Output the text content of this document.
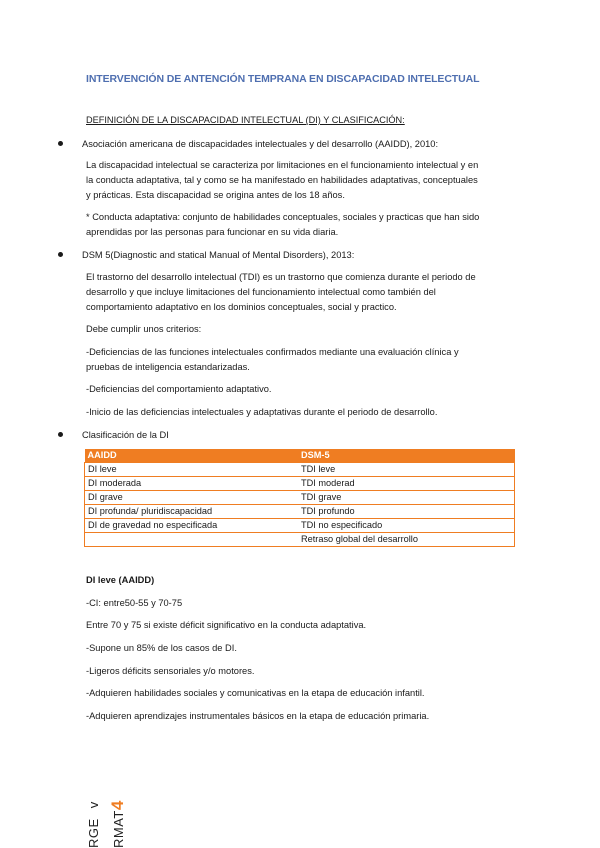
INTERVENCIÓN DE ANTENCIÓN TEMPRANA EN DISCAPACIDAD INTELECTUAL
DEFINICIÓN DE LA DISCAPACIDAD INTELECTUAL (DI) Y CLASIFICACIÓN:
Asociación americana de discapacidades intelectuales y del desarrollo (AAIDD), 2010:
La discapacidad intelectual se caracteriza por limitaciones en el funcionamiento intelectual y en
la conducta adaptativa, tal y como se ha manifestado en habilidades adaptativas, conceptuales
y prácticas. Esta discapacidad se origina antes de los 18 años.
* Conducta adaptativa: conjunto de habilidades conceptuales, sociales y practicas que han sido
aprendidas por las personas para funcionar en su vida diaria.
DSM 5(Diagnostic and statical Manual of Mental Disorders), 2013:
El trastorno del desarrollo intelectual (TDI) es un trastorno que comienza durante el periodo de
desarrollo y que incluye limitaciones del funcionamiento intelectual como también del
comportamiento adaptativo en los dominios conceptuales, social y practico.
Debe cumplir unos criterios:
-Deficiencias de las funciones intelectuales confirmados mediante una evaluación clínica y
pruebas de inteligencia estandarizadas.
-Deficiencias del comportamiento adaptativo.
-Inicio de las deficiencias intelectuales y adaptativas durante el periodo de desarrollo.
Clasificación de la DI
AAIDD	DSM-5
DI leve	TDI leve
DI moderada	TDI moderad
DI grave	TDI grave
DI profunda/ pluridiscapacidad	TDI profundo
DI de gravedad no especificada	TDI no especificado
	Retraso global del desarrollo
DI leve (AAIDD)
-CI: entre50-55 y 70-75
Entre 70 y 75 si existe déficit significativo en la conducta adaptativa.
-Supone un 85% de los casos de DI.
-Ligeros déficits sensoriales y/o motores.
-Adquieren habilidades sociales y comunicativas en la etapa de educación infantil.
-Adquieren aprendizajes instrumentales básicos en la etapa de educación primaria.
RGE v
RMAT4
